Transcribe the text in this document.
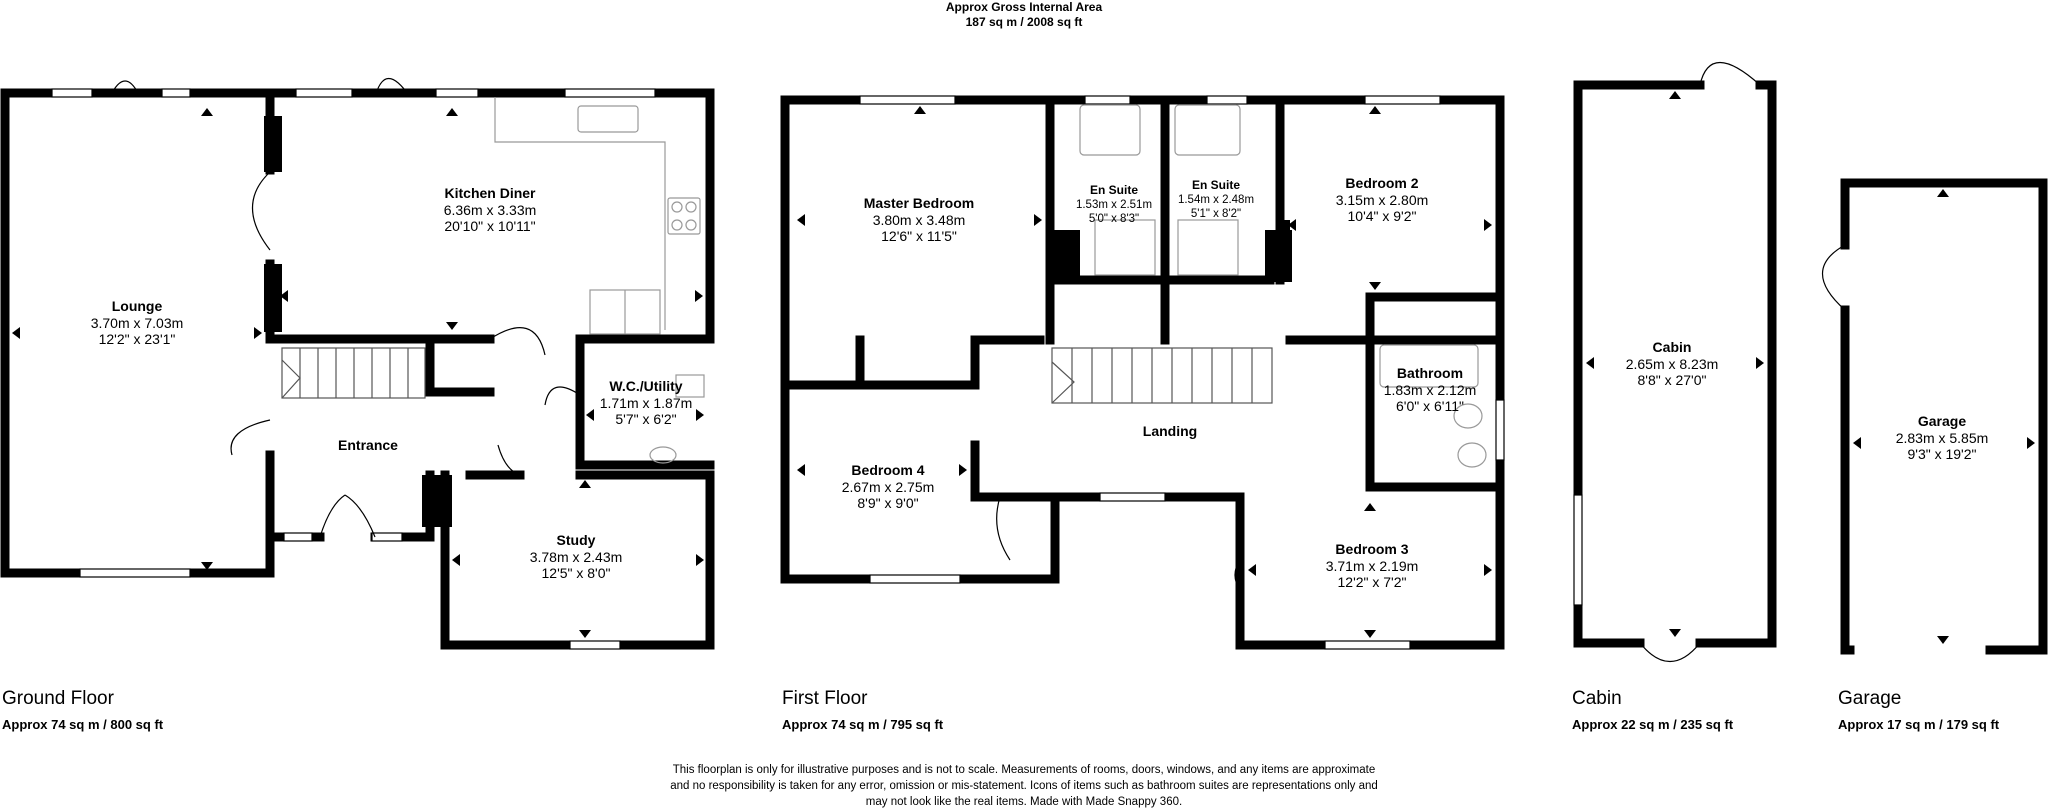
Approx Gross Internal Area
187 sq m / 2008 sq ft
Ground Floor
Approx 74 sq m / 800 sq ft
First Floor
Approx 74 sq m / 795 sq ft
Cabin
Approx 22 sq m / 235 sq ft
Garage
Approx 17 sq m / 179 sq ft
Lounge
3.70m x 7.03m
12'2" x 23'1"
Kitchen Diner
6.36m x 3.33m
20'10" x 10'11"
W.C./Utility
1.71m x 1.87m
5'7" x 6'2"
Entrance
Study
3.78m x 2.43m
12'5" x 8'0"
Master Bedroom
3.80m x 3.48m
12'6" x 11'5"
En Suite
1.53m x 2.51m
5'0" x 8'3"
En Suite
1.54m x 2.48m
5'1" x 8'2"
Bedroom 2
3.15m x 2.80m
10'4" x 9'2"
Bathroom
1.83m x 2.12m
6'0" x 6'11"
Landing
Bedroom 4
2.67m x 2.75m
8'9" x 9'0"
Bedroom 3
3.71m x 2.19m
12'2" x 7'2"
Cabin
2.65m x 8.23m
8'8" x 27'0"
Garage
2.83m x 5.85m
9'3" x 19'2"
This floorplan is only for illustrative purposes and is not to scale. Measurements of rooms, doors, windows, and any items are approximate
and no responsibility is taken for any error, omission or mis-statement. Icons of items such as bathroom suites are representations only and
may not look like the real items. Made with Made Snappy 360.
